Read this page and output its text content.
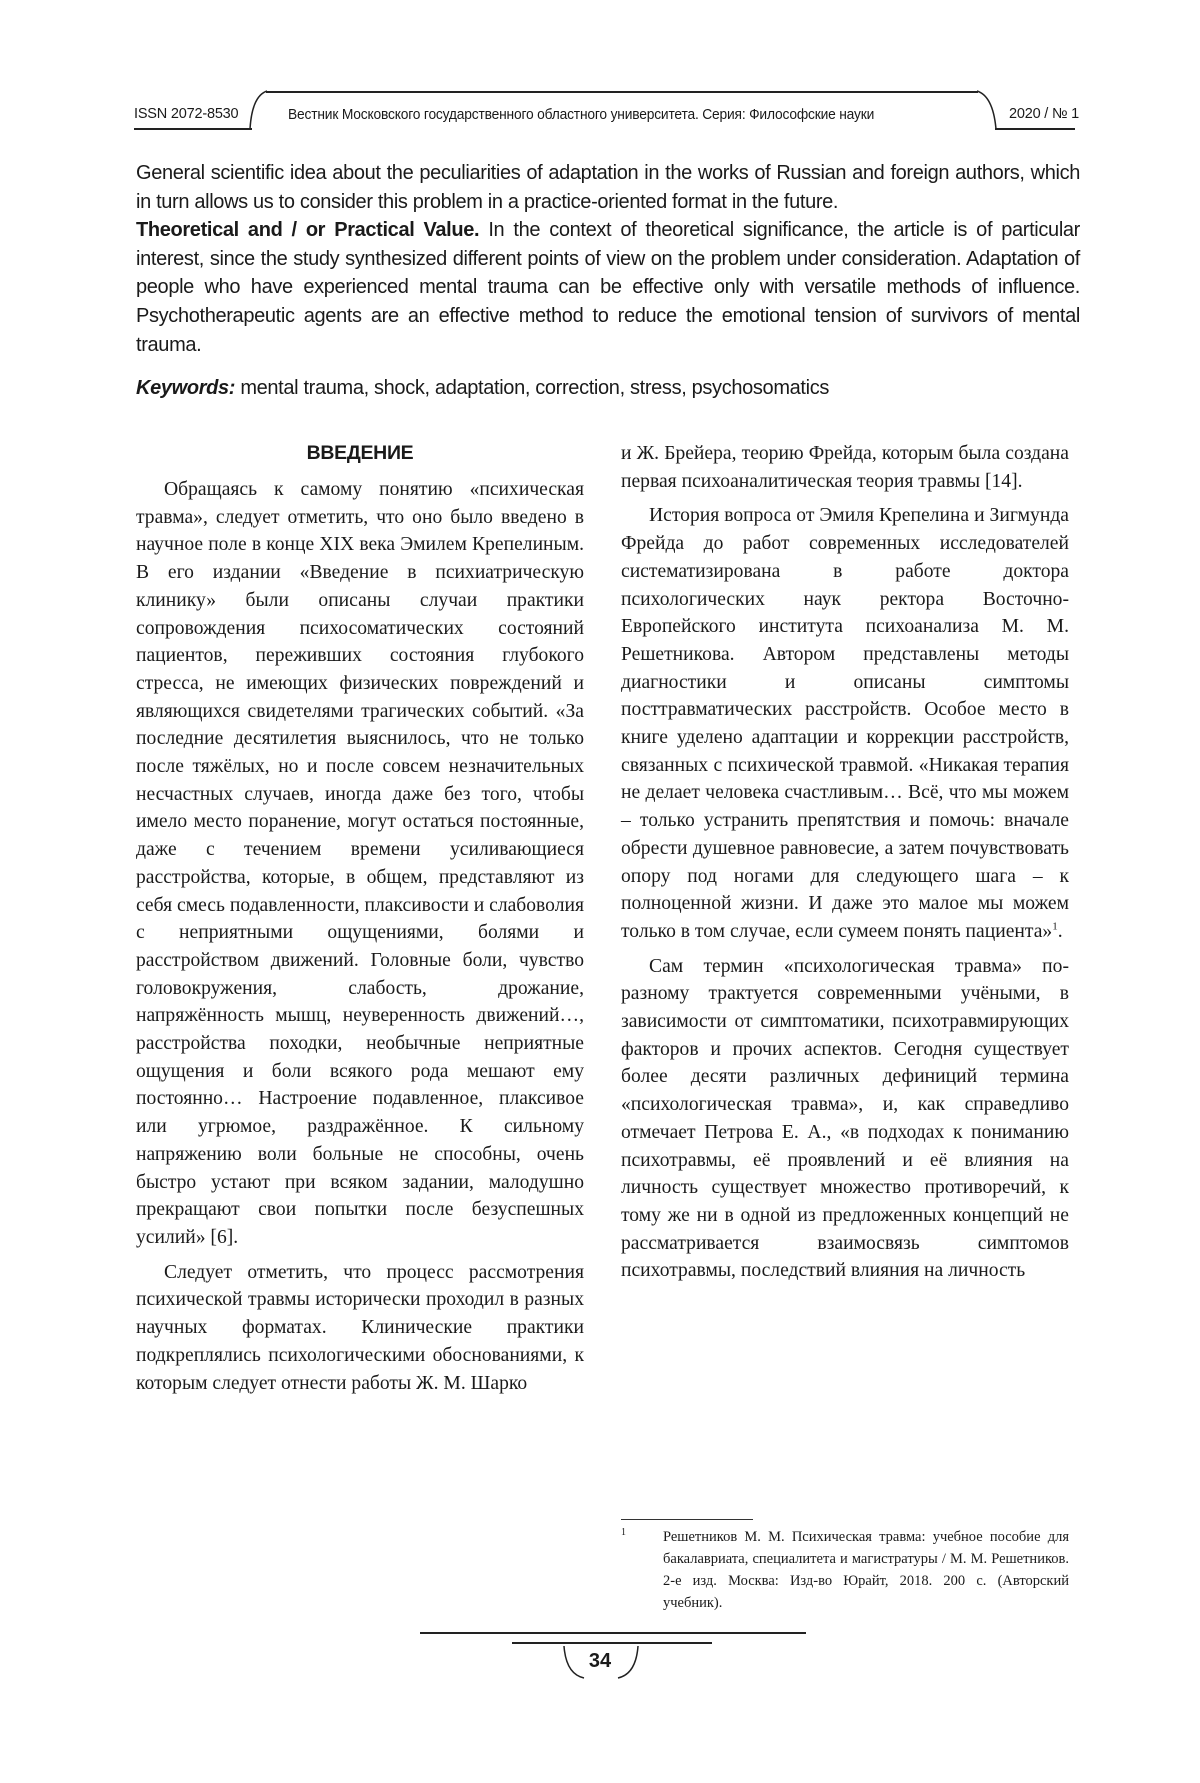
ISSN 2072-8530	Вестник Московского государственного областного университета. Серия: Философские науки	2020 / № 1

General scientific idea about the peculiarities of adaptation in the works of Russian and foreign authors, which in turn allows us to consider this problem in a practice-oriented format in the future.

Theoretical and / or Practical Value. In the context of theoretical significance, the article is of particular interest, since the study synthesized different points of view on the problem under consideration. Adaptation of people who have experienced mental trauma can be effective only with versatile methods of influence. Psychotherapeutic agents are an effective method to reduce the emotional tension of survivors of mental trauma.

Keywords: mental trauma, shock, adaptation, correction, stress, psychosomatics
ВВЕДЕНИЕ

Обращаясь к самому понятию «психическая травма», следует отметить, что оно было введено в научное поле в конце XIX века Эмилем Крепелиным. В его издании «Введение в психиатрическую клинику» были описаны случаи практики сопровождения психосоматических состояний пациентов, переживших состояния глубокого стресса, не имеющих физических повреждений и являющихся свидетелями трагических событий. «За последние десятилетия выяснилось, что не только после тяжёлых, но и после совсем незначительных несчастных случаев, иногда даже без того, чтобы имело место поранение, могут остаться постоянные, даже с течением времени усиливающиеся расстройства, которые, в общем, представляют из себя смесь подавленности, плаксивости и слабоволия с неприятными ощущениями, болями и расстройством движений. Головные боли, чувство головокружения, слабость, дрожание, напряжённость мышц, неуверенность движений…, расстройства походки, необычные неприятные ощущения и боли всякого рода мешают ему постоянно… Настроение подавленное, плаксивое или угрюмое, раздражённое. К сильному напряжению воли больные не способны, очень быстро устают при всяком задании, малодушно прекращают свои попытки после безуспешных усилий» [6].

Следует отметить, что процесс рассмотрения психической травмы исторически проходил в разных научных форматах. Клинические практики подкреплялись психологическими обоснованиями, к которым следует отнести работы Ж. М. Шарко

и Ж. Брейера, теорию Фрейда, которым была создана первая психоаналитическая теория травмы [14].

История вопроса от Эмиля Крепелина и Зигмунда Фрейда до работ современных исследователей систематизирована в работе доктора психологических наук ректора Восточно-Европейского института психоанализа М. М. Решетникова. Автором представлены методы диагностики и описаны симптомы посттравматических расстройств. Особое место в книге уделено адаптации и коррекции расстройств, связанных с психической травмой. «Никакая терапия не делает человека счастливым… Всё, что мы можем – только устранить препятствия и помочь: вначале обрести душевное равновесие, а затем почувствовать опору под ногами для следующего шага – к полноценной жизни. И даже это малое мы можем только в том случае, если сумеем понять пациента»1.

Сам термин «психологическая травма» по-разному трактуется современными учёными, в зависимости от симптоматики, психотравмирующих факторов и прочих аспектов. Сегодня существует более десяти различных дефиниций термина «психологическая травма», и, как справедливо отмечает Петрова Е. А., «в подходах к пониманию психотравмы, её проявлений и её влияния на личность существует множество противоречий, к тому же ни в одной из предложенных концепций не рассматривается взаимосвязь симптомов психотравмы, последствий влияния на личность

1	Решетников М. М. Психическая травма: учебное пособие для бакалавриата, специалитета и магистратуры / М. М. Решетников. 2-е изд. Москва: Изд-во Юрайт, 2018. 200 с. (Авторский учебник).
34
